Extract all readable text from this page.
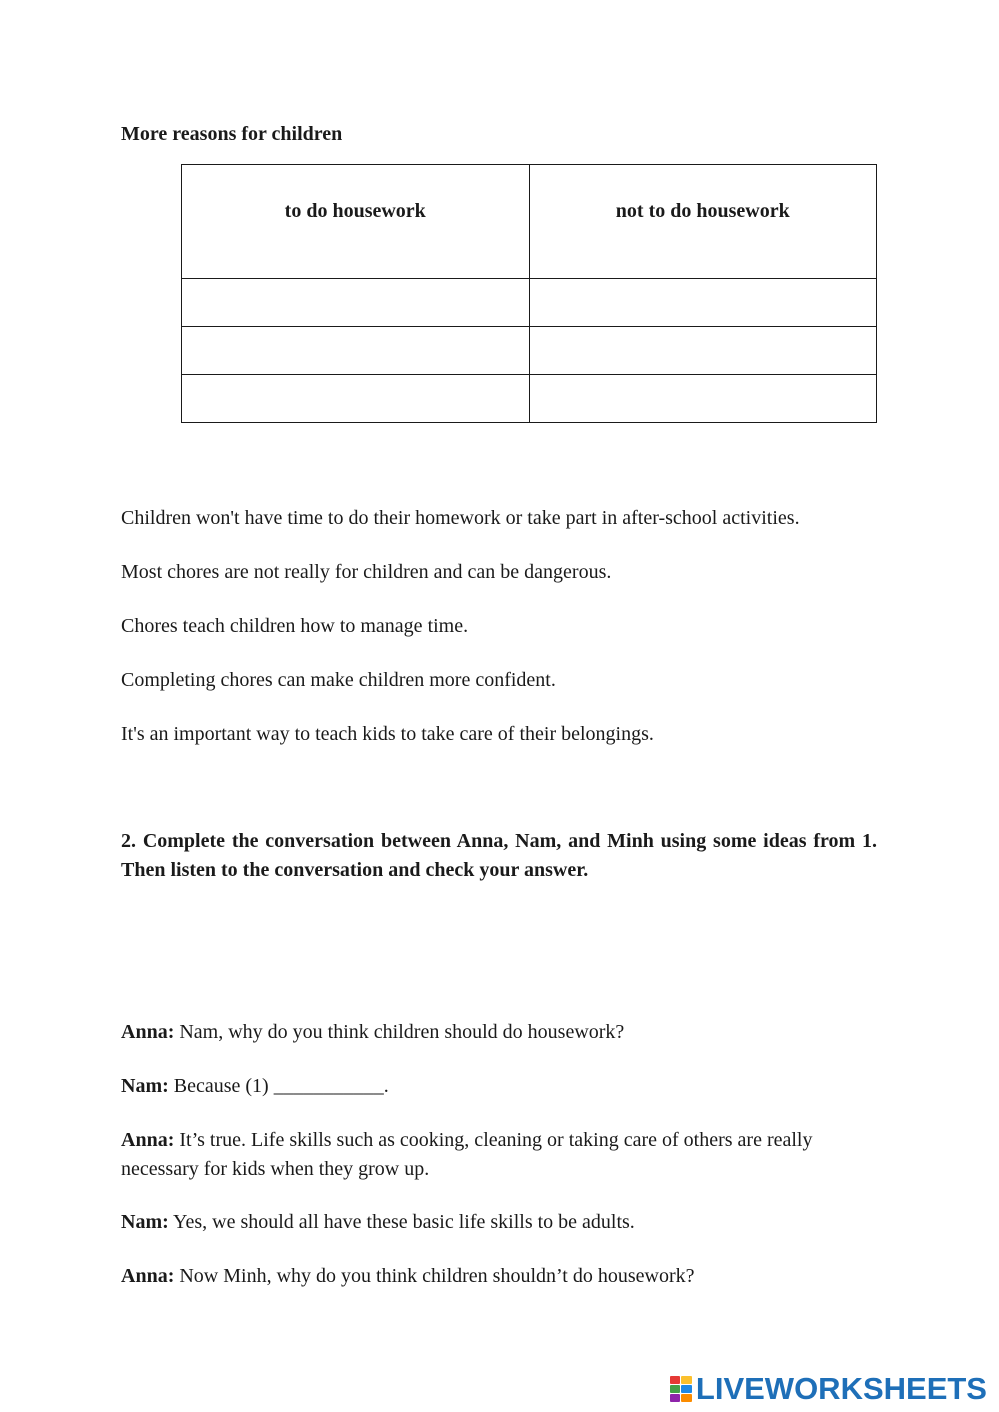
More reasons for children
to do housework	not to do housework

Children won't have time to do their homework or take part in after-school activities.
Most chores are not really for children and can be dangerous.
Chores teach children how to manage time.
Completing chores can make children more confident.
It's an important way to teach kids to take care of their belongings.
2. Complete the conversation between Anna, Nam, and Minh using some ideas from 1. Then listen to the conversation and check your answer.
Anna: Nam, why do you think children should do housework?
Nam: Because (1) ___________.
Anna: It’s true. Life skills such as cooking, cleaning or taking care of others are really necessary for kids when they grow up.
Nam: Yes, we should all have these basic life skills to be adults.
Anna: Now Minh, why do you think children shouldn’t do housework?
LIVEWORKSHEETS
